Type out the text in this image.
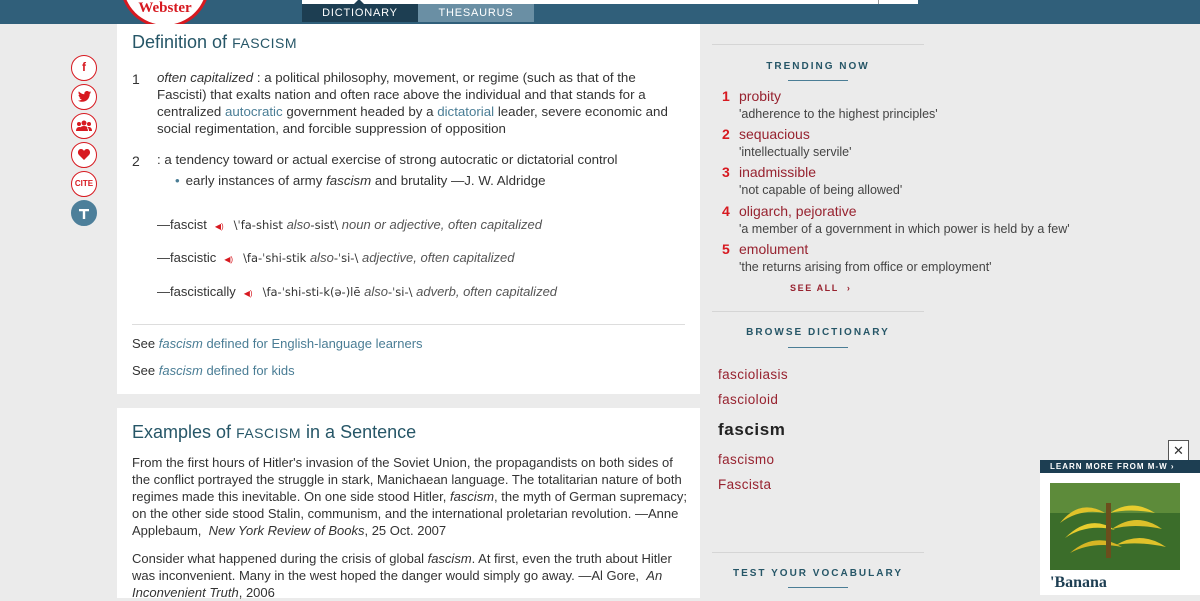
Webster	DICTIONARY	THESAURUS
f
CITE
Definition of FASCISM
1 often capitalized : a political philosophy, movement, or regime (such as that of the Fascisti) that exalts nation and often race above the individual and that stands for a centralized autocratic government headed by a dictatorial leader, severe economic and social regimentation, and forcible suppression of opposition
2 : a tendency toward or actual exercise of strong autocratic or dictatorial control
• early instances of army fascism and brutality —J. W. Aldridge
—fascist ◀) \ˈfa-shist also-sist\ noun or adjective, often capitalized
—fascistic ◀) \fa-ˈshi-stik also-ˈsi-\ adjective, often capitalized
—fascistically ◀) \fa-ˈshi-sti-k(ə-)lē also-ˈsi-\ adverb, often capitalized
See fascism defined for English-language learners
See fascism defined for kids
Examples of FASCISM in a Sentence
From the first hours of Hitler's invasion of the Soviet Union, the propagandists on both sides of the conflict portrayed the struggle in stark, Manichaean language. The totalitarian nature of both regimes made this inevitable. On one side stood Hitler, fascism, the myth of German supremacy; on the other side stood Stalin, communism, and the international proletarian revolution. —Anne Applebaum, New York Review of Books, 25 Oct. 2007
Consider what happened during the crisis of global fascism. At first, even the truth about Hitler was inconvenient. Many in the west hoped the danger would simply go away. —Al Gore, An Inconvenient Truth, 2006
TRENDING NOW
1 probity
'adherence to the highest principles'
2 sequacious
'intellectually servile'
3 inadmissible
'not capable of being allowed'
4 oligarch, pejorative
'a member of a government in which power is held by a few'
5 emolument
'the returns arising from office or employment'
SEE ALL ›
BROWSE DICTIONARY
fascioliasis
fascioloid
fascism
fascismo
Fascista
TEST YOUR VOCABULARY
✕
LEARN MORE FROM M-W ›
'Banana
